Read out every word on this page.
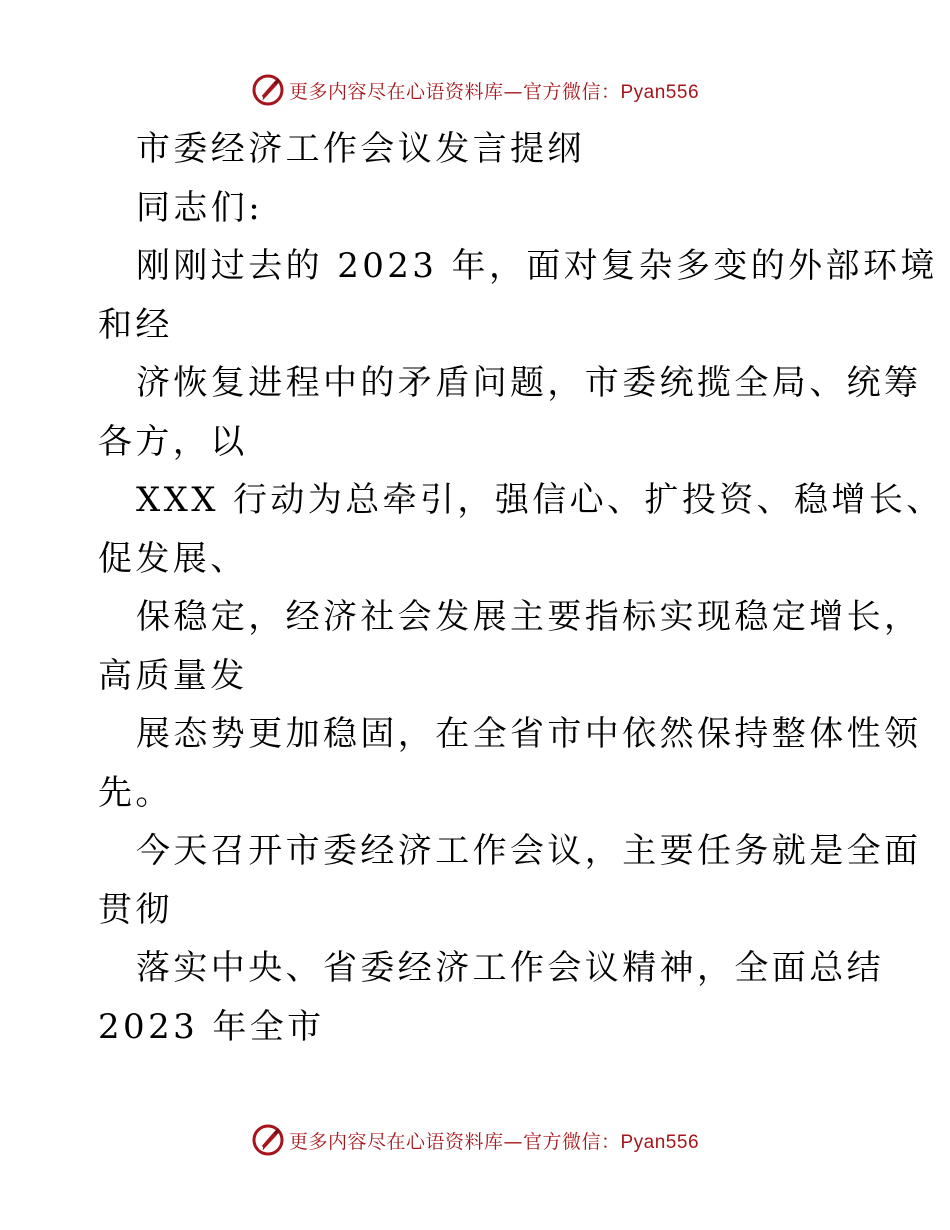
更多内容尽在心语资料库—官方微信：Pyan556
市委经济工作会议发言提纲
同志们:
刚刚过去的 2023 年，面对复杂多变的外部环境
和经
济恢复进程中的矛盾问题，市委统揽全局、统筹
各方，以
XXX 行动为总牵引，强信心、扩投资、稳增长、
促发展、
保稳定，经济社会发展主要指标实现稳定增长，
高质量发
展态势更加稳固，在全省市中依然保持整体性领
先。
今天召开市委经济工作会议，主要任务就是全面
贯彻
落实中央、省委经济工作会议精神，全面总结
2023 年全市
更多内容尽在心语资料库—官方微信：Pyan556
